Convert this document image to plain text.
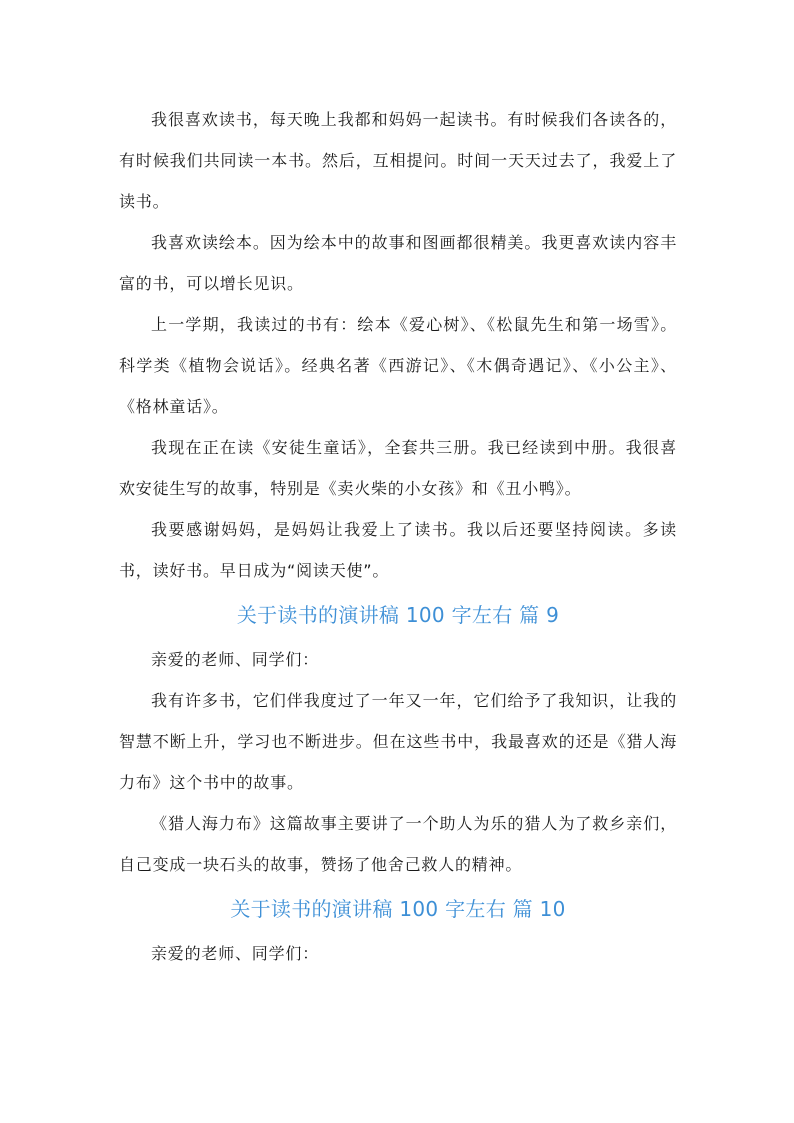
我很喜欢读书，每天晚上我都和妈妈一起读书。有时候我们各读各的，有时候我们共同读一本书。然后，互相提问。时间一天天过去了，我爱上了读书。

我喜欢读绘本。因为绘本中的故事和图画都很精美。我更喜欢读内容丰富的书，可以增长见识。

上一学期，我读过的书有：绘本《爱心树》、《松鼠先生和第一场雪》。科学类《植物会说话》。经典名著《西游记》、《木偶奇遇记》、《小公主》、《格林童话》。

我现在正在读《安徒生童话》，全套共三册。我已经读到中册。我很喜欢安徒生写的故事，特别是《卖火柴的小女孩》和《丑小鸭》。

我要感谢妈妈，是妈妈让我爱上了读书。我以后还要坚持阅读。多读书，读好书。早日成为“阅读天使”。

关于读书的演讲稿 100 字左右 篇 9

亲爱的老师、同学们：

我有许多书，它们伴我度过了一年又一年，它们给予了我知识，让我的智慧不断上升，学习也不断进步。但在这些书中，我最喜欢的还是《猎人海力布》这个书中的故事。

《猎人海力布》这篇故事主要讲了一个助人为乐的猎人为了救乡亲们，自己变成一块石头的故事，赞扬了他舍己救人的精神。

关于读书的演讲稿 100 字左右 篇 10

亲爱的老师、同学们：
